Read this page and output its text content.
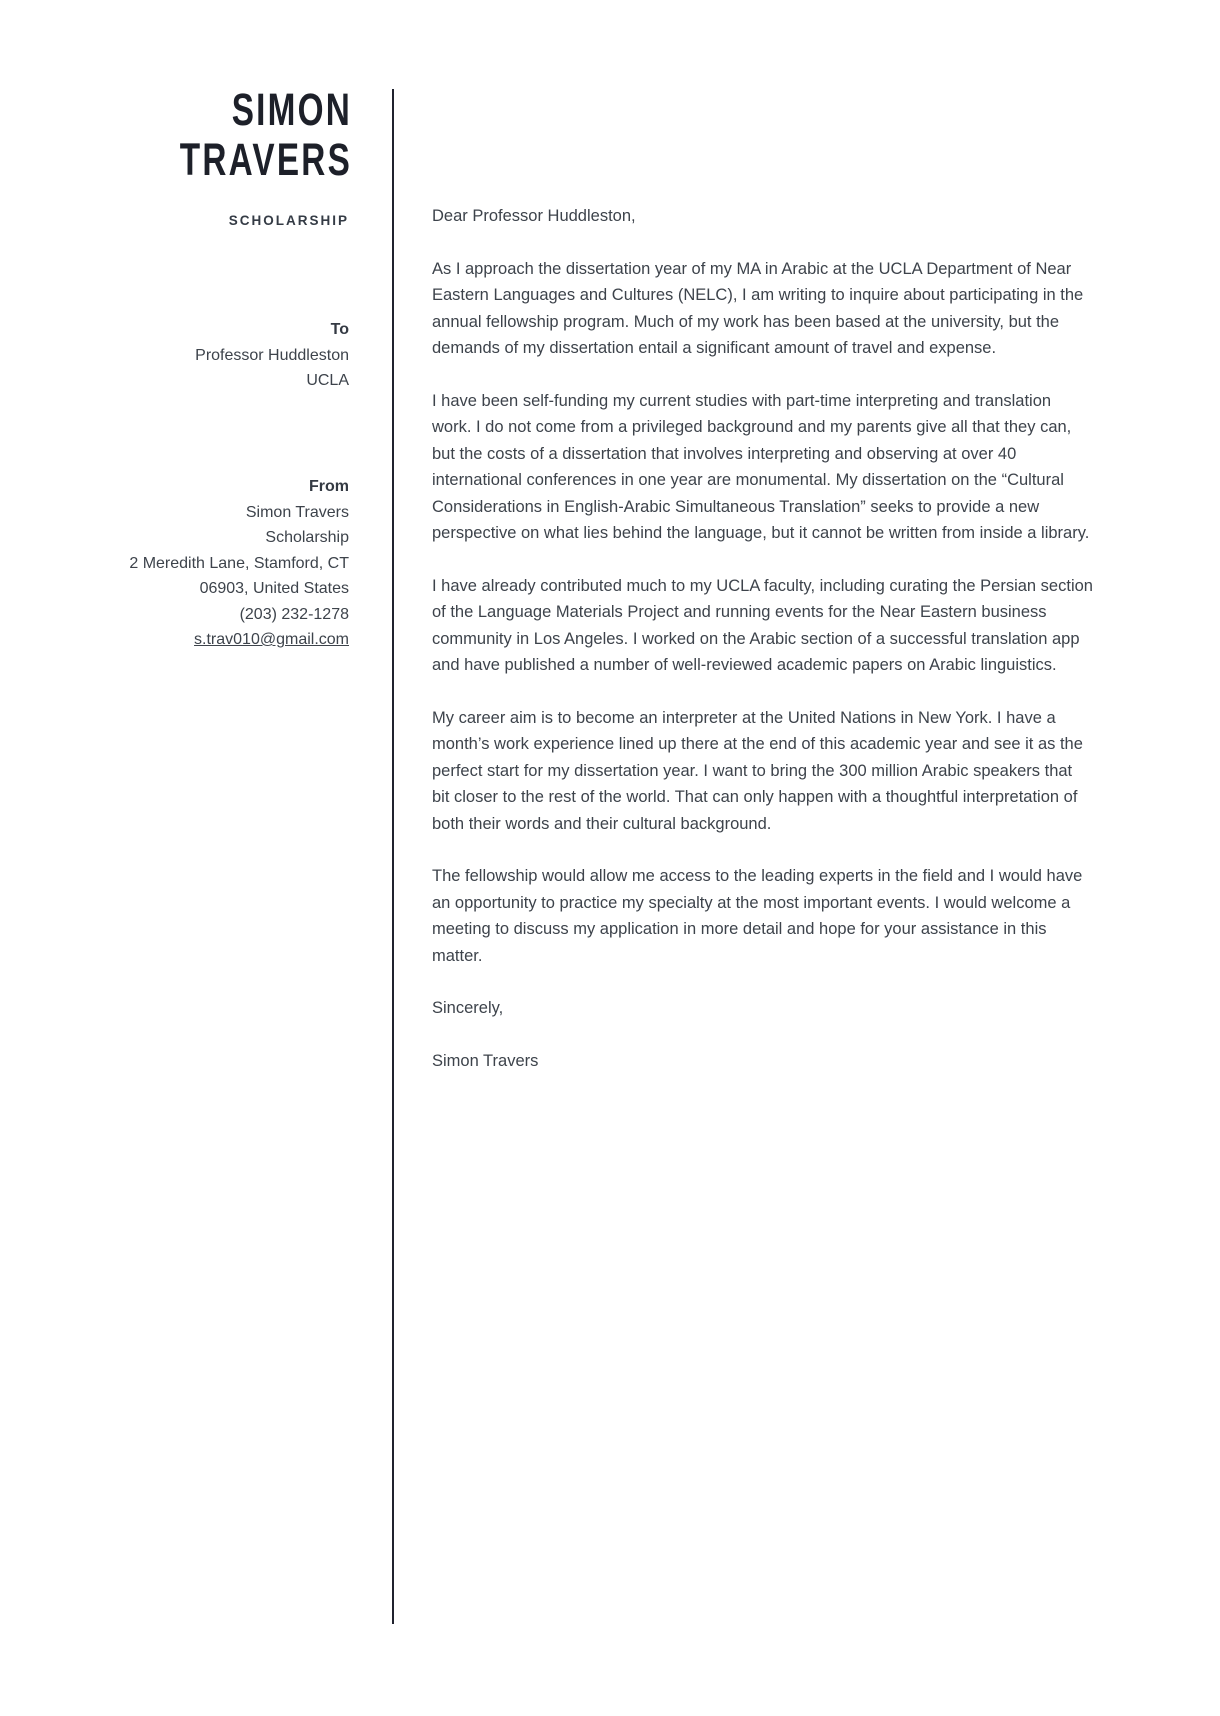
SIMON
TRAVERS
SCHOLARSHIP
To
Professor Huddleston
UCLA
From
Simon Travers
Scholarship
2 Meredith Lane, Stamford, CT
06903, United States
(203) 232-1278
s.trav010@gmail.com

Dear Professor Huddleston,

As I approach the dissertation year of my MA in Arabic at the UCLA Department of Near Eastern Languages and Cultures (NELC), I am writing to inquire about participating in the annual fellowship program. Much of my work has been based at the university, but the demands of my dissertation entail a significant amount of travel and expense.

I have been self-funding my current studies with part-time interpreting and translation work. I do not come from a privileged background and my parents give all that they can, but the costs of a dissertation that involves interpreting and observing at over 40 international conferences in one year are monumental. My dissertation on the “Cultural Considerations in English-Arabic Simultaneous Translation” seeks to provide a new perspective on what lies behind the language, but it cannot be written from inside a library.

I have already contributed much to my UCLA faculty, including curating the Persian section of the Language Materials Project and running events for the Near Eastern business community in Los Angeles. I worked on the Arabic section of a successful translation app and have published a number of well-reviewed academic papers on Arabic linguistics.

My career aim is to become an interpreter at the United Nations in New York. I have a month’s work experience lined up there at the end of this academic year and see it as the perfect start for my dissertation year. I want to bring the 300 million Arabic speakers that bit closer to the rest of the world. That can only happen with a thoughtful interpretation of both their words and their cultural background.

The fellowship would allow me access to the leading experts in the field and I would have an opportunity to practice my specialty at the most important events. I would welcome a meeting to discuss my application in more detail and hope for your assistance in this matter.

Sincerely,

Simon Travers
